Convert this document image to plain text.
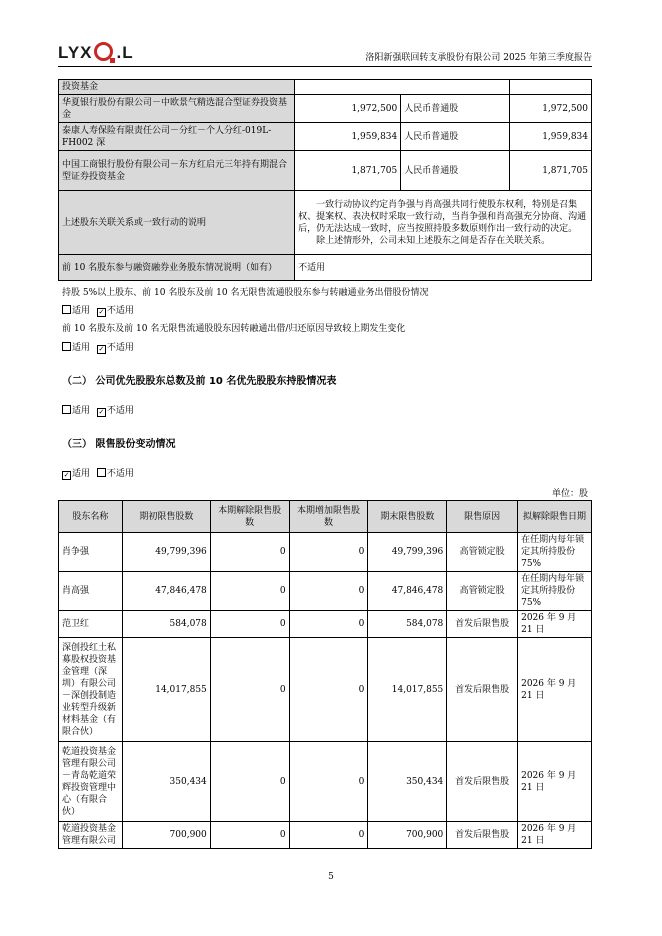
LYX .L	洛阳新强联回转支承股份有限公司 2025 年第三季度报告
投资基金			
华夏银行股份有限公司－中欧景气精选混合型证券投资基金	1,972,500	人民币普通股	1,972,500
泰康人寿保险有限责任公司－分红－个人分红-019L-FH002 深	1,959,834	人民币普通股	1,959,834
中国工商银行股份有限公司－东方红启元三年持有期混合型证券投资基金	1,871,705	人民币普通股	1,871,705
上述股东关联关系或一致行动的说明	一致行动协议约定肖争强与肖高强共同行使股东权利，特别是召集权、提案权、表决权时采取一致行动，当肖争强和肖高强充分协商、沟通后，仍无法达成一致时，应当按照持股多数原则作出一致行动的决定。
除上述情形外，公司未知上述股东之间是否存在关联关系。		

前 10 名股东参与融资融券业务股东情况说明（如有）	不适用		
持股 5%以上股东、前 10 名股东及前 10 名无限售流通股股东参与转融通业务出借股份情况
适用 ✓ 不适用
前 10 名股东及前 10 名无限售流通股股东因转融通出借/归还原因导致较上期发生变化
适用 ✓ 不适用
（二） 公司优先股股东总数及前 10 名优先股股东持股情况表
适用 ✓ 不适用
（三） 限售股份变动情况
✓ 适用 不适用
单位：股
股东名称	期初限售股数	本期解除限售股数	本期增加限售股数	期末限售股数	限售原因	拟解除限售日期
肖争强	49,799,396	0	0	49,799,396	高管锁定股	在任期内每年锁定其所持股份 75%
肖高强	47,846,478	0	0	47,846,478	高管锁定股	在任期内每年锁定其所持股份 75%
范卫红	584,078	0	0	584,078	首发后限售股	2026 年 9 月 21 日
深创投红土私募股权投资基金管理（深圳）有限公司－深创投制造业转型升级新材料基金（有限合伙）	14,017,855	0	0	14,017,855	首发后限售股	2026 年 9 月 21 日
乾道投资基金管理有限公司－青岛乾道荣辉投资管理中心（有限合伙）	350,434	0	0	350,434	首发后限售股	2026 年 9 月 21 日
乾道投资基金管理有限公司	700,900	0	0	700,900	首发后限售股	2026 年 9 月 21 日
5
